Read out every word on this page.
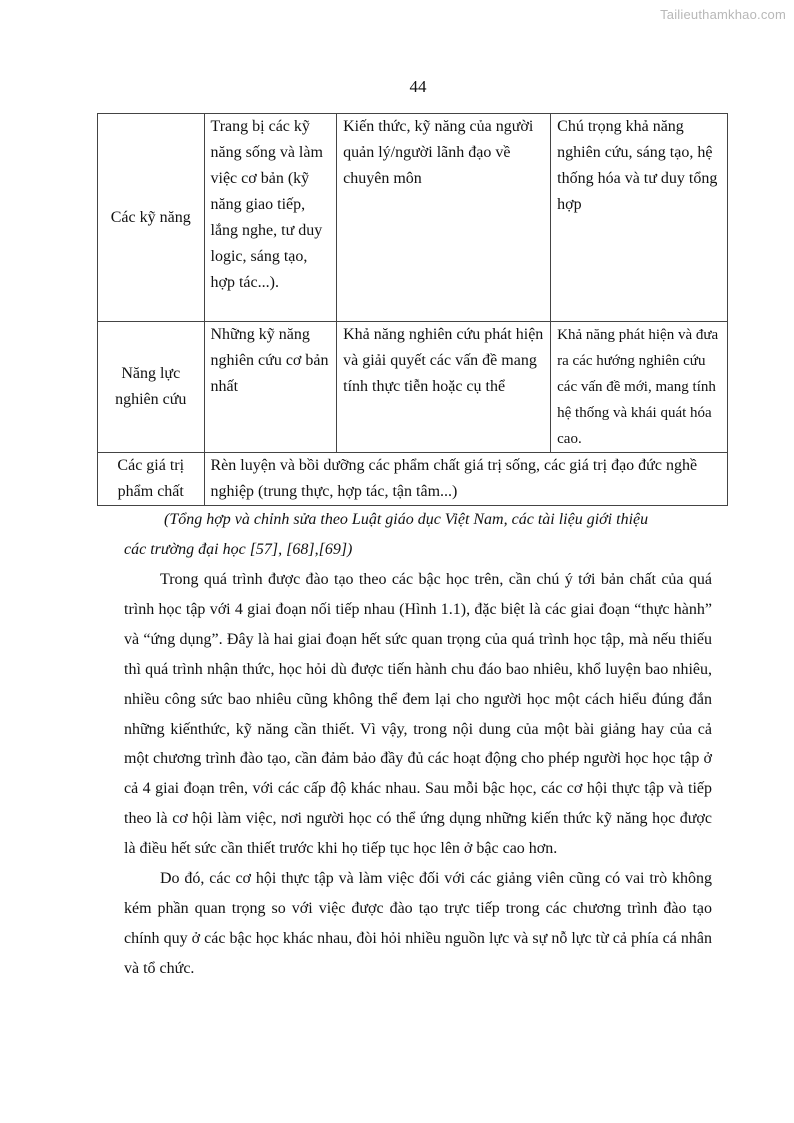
Tailieuthamkhao.com
44
Các kỹ năng	Trang bị các kỹ năng sống và làm việc cơ bản (kỹ năng giao tiếp, lắng nghe, tư duy logic, sáng tạo, hợp tác...).	Kiến thức, kỹ năng của người quản lý/người lãnh đạo về chuyên môn	Chú trọng khả năng nghiên cứu, sáng tạo, hệ thống hóa và tư duy tổng hợp
Năng lực nghiên cứu	Những kỹ năng nghiên cứu cơ bản nhất	Khả năng nghiên cứu phát hiện và giải quyết các vấn đề mang tính thực tiễn hoặc cụ thể	Khả năng phát hiện và đưa ra các hướng nghiên cứu các vấn đề mới, mang tính hệ thống và khái quát hóa cao.
Các giá trị phẩm chất	Rèn luyện và bồi dưỡng các phẩm chất giá trị sống, các giá trị đạo đức nghề nghiệp (trung thực, hợp tác, tận tâm...)		

(Tổng hợp và chỉnh sửa theo Luật giáo dục Việt Nam, các tài liệu giới thiệu

các trường đại học [57], [68],[69])

Trong quá trình được đào tạo theo các bậc học trên, cần chú ý tới bản chất của quá trình học tập với 4 giai đoạn nối tiếp nhau (Hình 1.1), đặc biệt là các giai đoạn “thực hành” và “ứng dụng”. Đây là hai giai đoạn hết sức quan trọng của quá trình học tập, mà nếu thiếu thì quá trình nhận thức, học hỏi dù được tiến hành chu đáo bao nhiêu, khổ luyện bao nhiêu, nhiều công sức bao nhiêu cũng không thể đem lại cho người học một cách hiểu đúng đắn những kiếnthức, kỹ năng cần thiết. Vì vậy, trong nội dung của một bài giảng hay của cả một chương trình đào tạo, cần đảm bảo đầy đủ các hoạt động cho phép người học học tập ở cả 4 giai đoạn trên, với các cấp độ khác nhau. Sau mỗi bậc học, các cơ hội thực tập và tiếp theo là cơ hội làm việc, nơi người học có thể ứng dụng những kiến thức kỹ năng học được là điều hết sức cần thiết trước khi họ tiếp tục học lên ở bậc cao hơn.

Do đó, các cơ hội thực tập và làm việc đối với các giảng viên cũng có vai trò không kém phần quan trọng so với việc được đào tạo trực tiếp trong các chương trình đào tạo chính quy ở các bậc học khác nhau, đòi hỏi nhiều nguồn lực và sự nỗ lực từ cả phía cá nhân và tổ chức.
